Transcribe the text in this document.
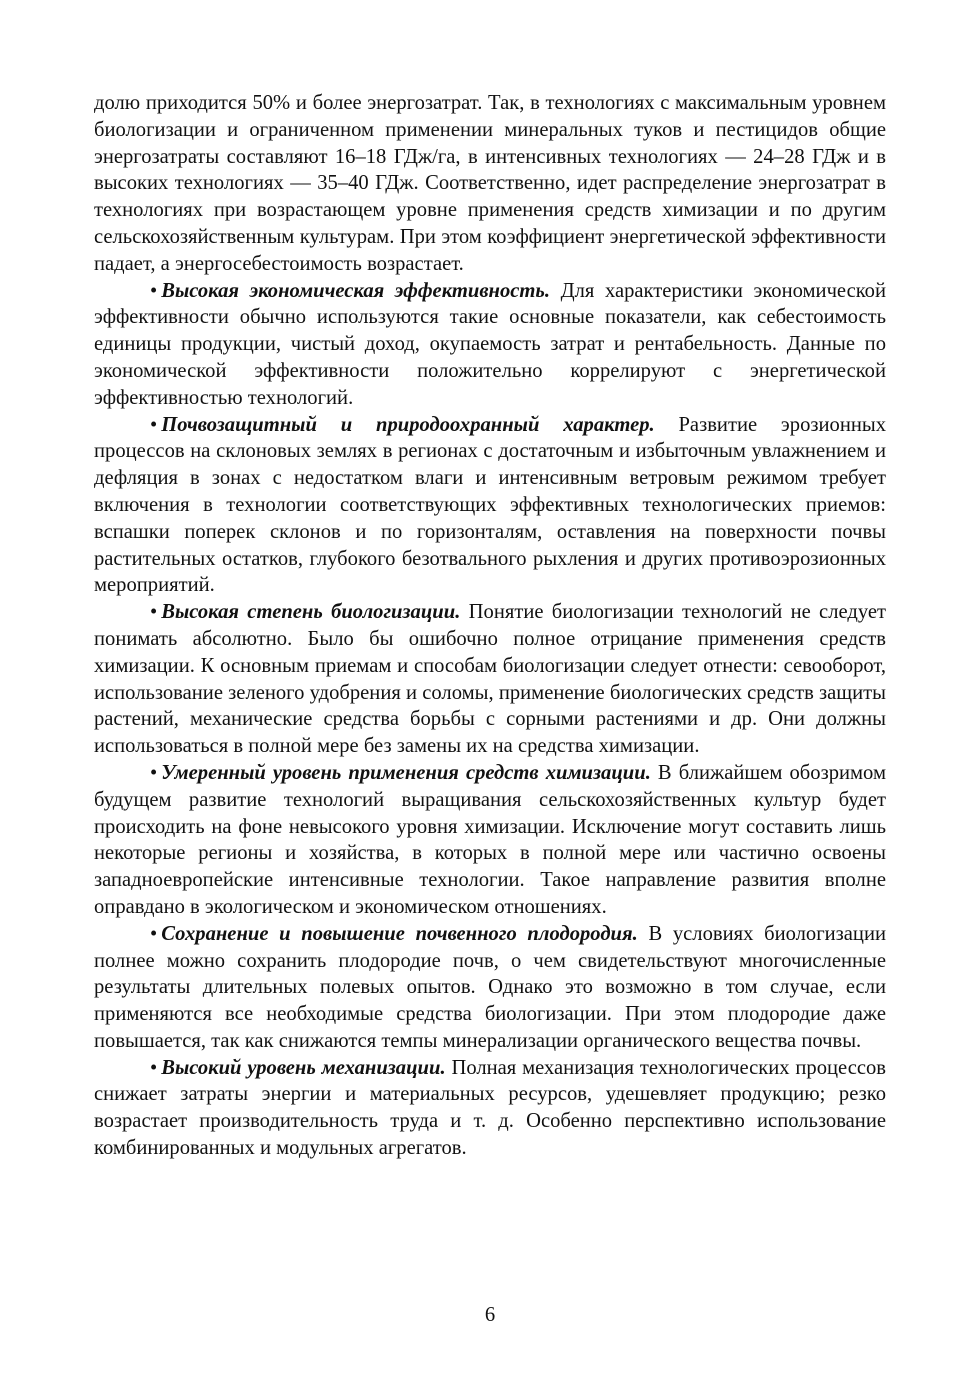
долю приходится 50% и более энергозатрат. Так, в технологиях с максимальным уровнем биологизации и ограниченном применении минеральных туков и пестицидов общие энергозатраты составляют 16–18 ГДж/га, в интенсивных технологиях — 24–28 ГДж и в высоких технологиях — 35–40 ГДж. Соответственно, идет распределение энергозатрат в технологиях при возрастающем уровне применения средств химизации и по другим сельскохозяйственным культурам. При этом коэффициент энергетической эффективности падает, а энергосебестоимость возрастает.

• Высокая экономическая эффективность. Для характеристики экономической эффективности обычно используются такие основные показатели, как себестоимость единицы продукции, чистый доход, окупаемость затрат и рентабельность. Данные по экономической эффективности положительно коррелируют с энергетической эффективностью технологий.

• Почвозащитный и природоохранный характер. Развитие эрозионных процессов на склоновых землях в регионах с достаточным и избыточным увлажнением и дефляция в зонах с недостатком влаги и интенсивным ветровым режимом требует включения в технологии соответствующих эффективных технологических приемов: вспашки поперек склонов и по горизонталям, оставления на поверхности почвы растительных остатков, глубокого безотвального рыхления и других противоэрозионных мероприятий.

• Высокая степень биологизации. Понятие биологизации технологий не следует понимать абсолютно. Было бы ошибочно полное отрицание применения средств химизации. К основным приемам и способам биологизации следует отнести: севооборот, использование зеленого удобрения и соломы, применение биологических средств защиты растений, механические средства борьбы с сорными растениями и др. Они должны использоваться в полной мере без замены их на средства химизации.

• Умеренный уровень применения средств химизации. В ближайшем обозримом будущем развитие технологий выращивания сельскохозяйственных культур будет происходить на фоне невысокого уровня химизации. Исключение могут составить лишь некоторые регионы и хозяйства, в которых в полной мере или частично освоены западноевропейские интенсивные технологии. Такое направление развития вполне оправдано в экологическом и экономическом отношениях.

• Сохранение и повышение почвенного плодородия. В условиях биологизации полнее можно сохранить плодородие почв, о чем свидетельствуют многочисленные результаты длительных полевых опытов. Однако это возможно в том случае, если применяются все необходимые средства биологизации. При этом плодородие даже повышается, так как снижаются темпы минерализации органического вещества почвы.

• Высокий уровень механизации. Полная механизация технологических процессов снижает затраты энергии и материальных ресурсов, удешевляет продукцию; резко возрастает производительность труда и т. д. Особенно перспективно использование комбинированных и модульных агрегатов.

6
